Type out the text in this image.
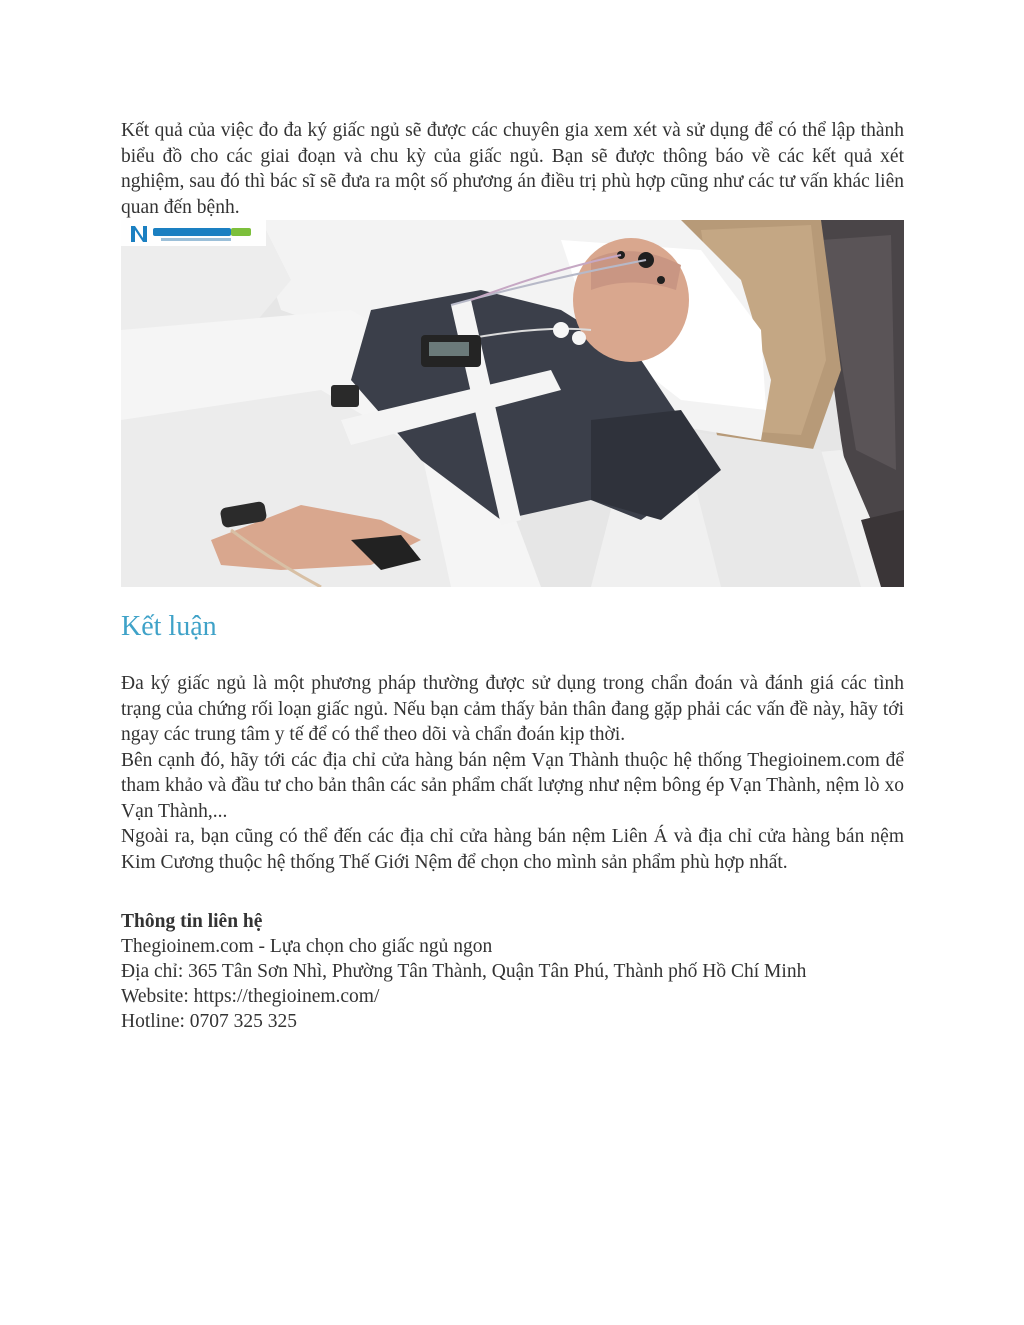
Kết quả của việc đo đa ký giấc ngủ sẽ được các chuyên gia xem xét và sử dụng để có thể lập thành biểu đồ cho các giai đoạn và chu kỳ của giấc ngủ. Bạn sẽ được thông báo về các kết quả xét nghiệm, sau đó thì bác sĩ sẽ đưa ra một số phương án điều trị phù hợp cũng như các tư vấn khác liên quan đến bệnh.

Kết luận

Đa ký giấc ngủ là một phương pháp thường được sử dụng trong chẩn đoán và đánh giá các tình trạng của chứng rối loạn giấc ngủ. Nếu bạn cảm thấy bản thân đang gặp phải các vấn đề này, hãy tới ngay các trung tâm y tế để có thể theo dõi và chẩn đoán kịp thời.

Bên cạnh đó, hãy tới các địa chỉ cửa hàng bán nệm Vạn Thành thuộc hệ thống Thegioinem.com để tham khảo và đầu tư cho bản thân các sản phẩm chất lượng như nệm bông ép Vạn Thành, nệm lò xo Vạn Thành,...

Ngoài ra, bạn cũng có thể đến các địa chỉ cửa hàng bán nệm Liên Á và địa chỉ cửa hàng bán nệm Kim Cương thuộc hệ thống Thế Giới Nệm để chọn cho mình sản phẩm phù hợp nhất.

Thông tin liên hệ

Thegioinem.com - Lựa chọn cho giấc ngủ ngon

Địa chỉ: 365 Tân Sơn Nhì, Phường Tân Thành, Quận Tân Phú, Thành phố Hồ Chí Minh

Website: https://thegioinem.com/

Hotline: 0707 325 325
